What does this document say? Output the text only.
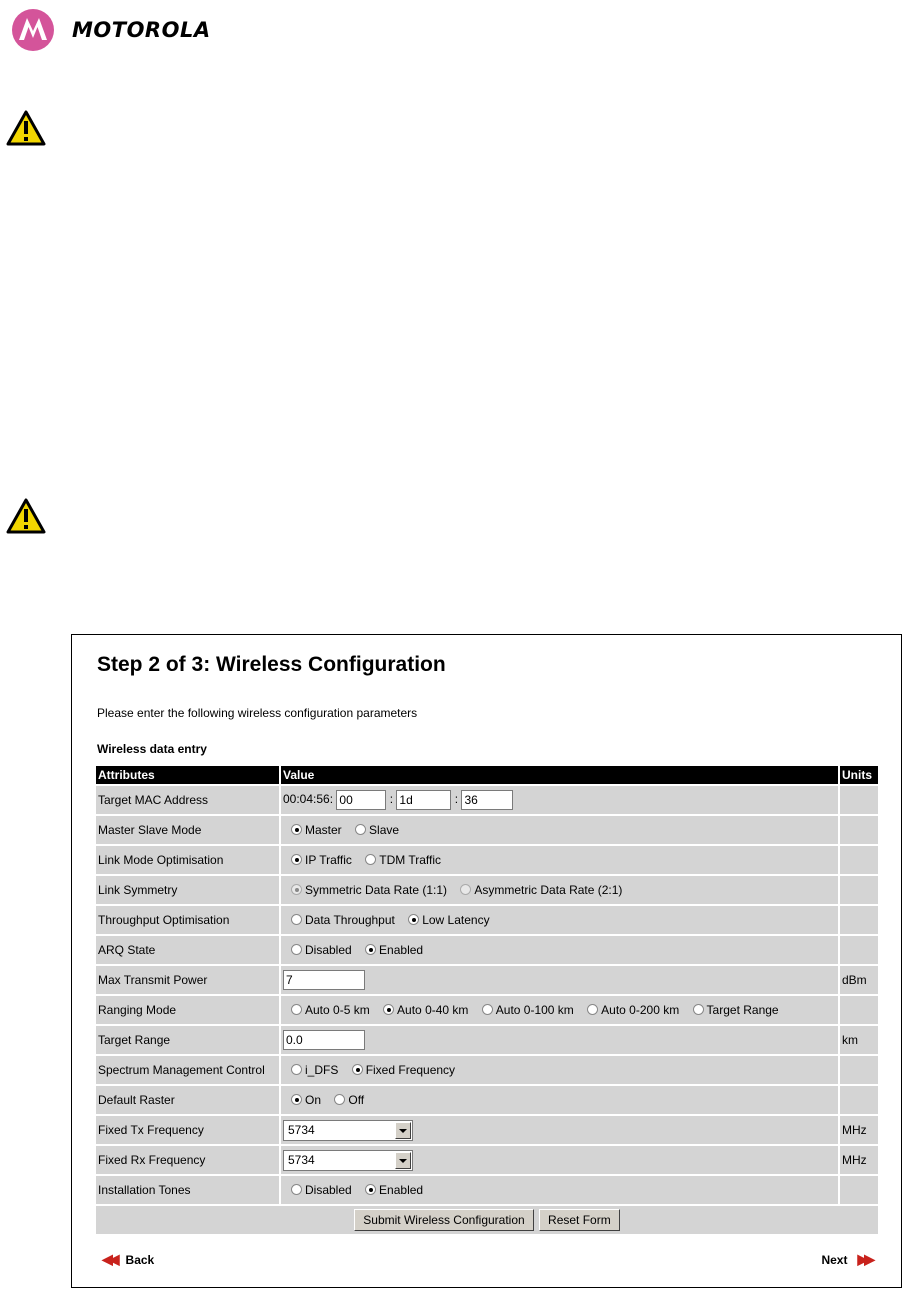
MOTOROLA
Step 2 of 3: Wireless Configuration
Please enter the following wireless configuration parameters
Wireless data entry
Attributes	Value	Units
Target MAC Address	00:04:56: 00 : 1d : 36	
Master Slave Mode	Master Slave	
Link Mode Optimisation	IP Traffic TDM Traffic	
Link Symmetry	Symmetric Data Rate (1:1) Asymmetric Data Rate (2:1)	
Throughput Optimisation	Data Throughput Low Latency	
ARQ State	Disabled Enabled	
Max Transmit Power	7	dBm
Ranging Mode	Auto 0-5 km Auto 0-40 km Auto 0-100 km Auto 0-200 km Target Range	
Target Range	0.0	km
Spectrum Management Control	i_DFS Fixed Frequency	
Default Raster	On Off	
Fixed Tx Frequency	5734	MHz
Fixed Rx Frequency	5734	MHz
Installation Tones	Disabled Enabled	
Submit Wireless Configuration Reset Form		
◀◀ Back	Next ▶▶
